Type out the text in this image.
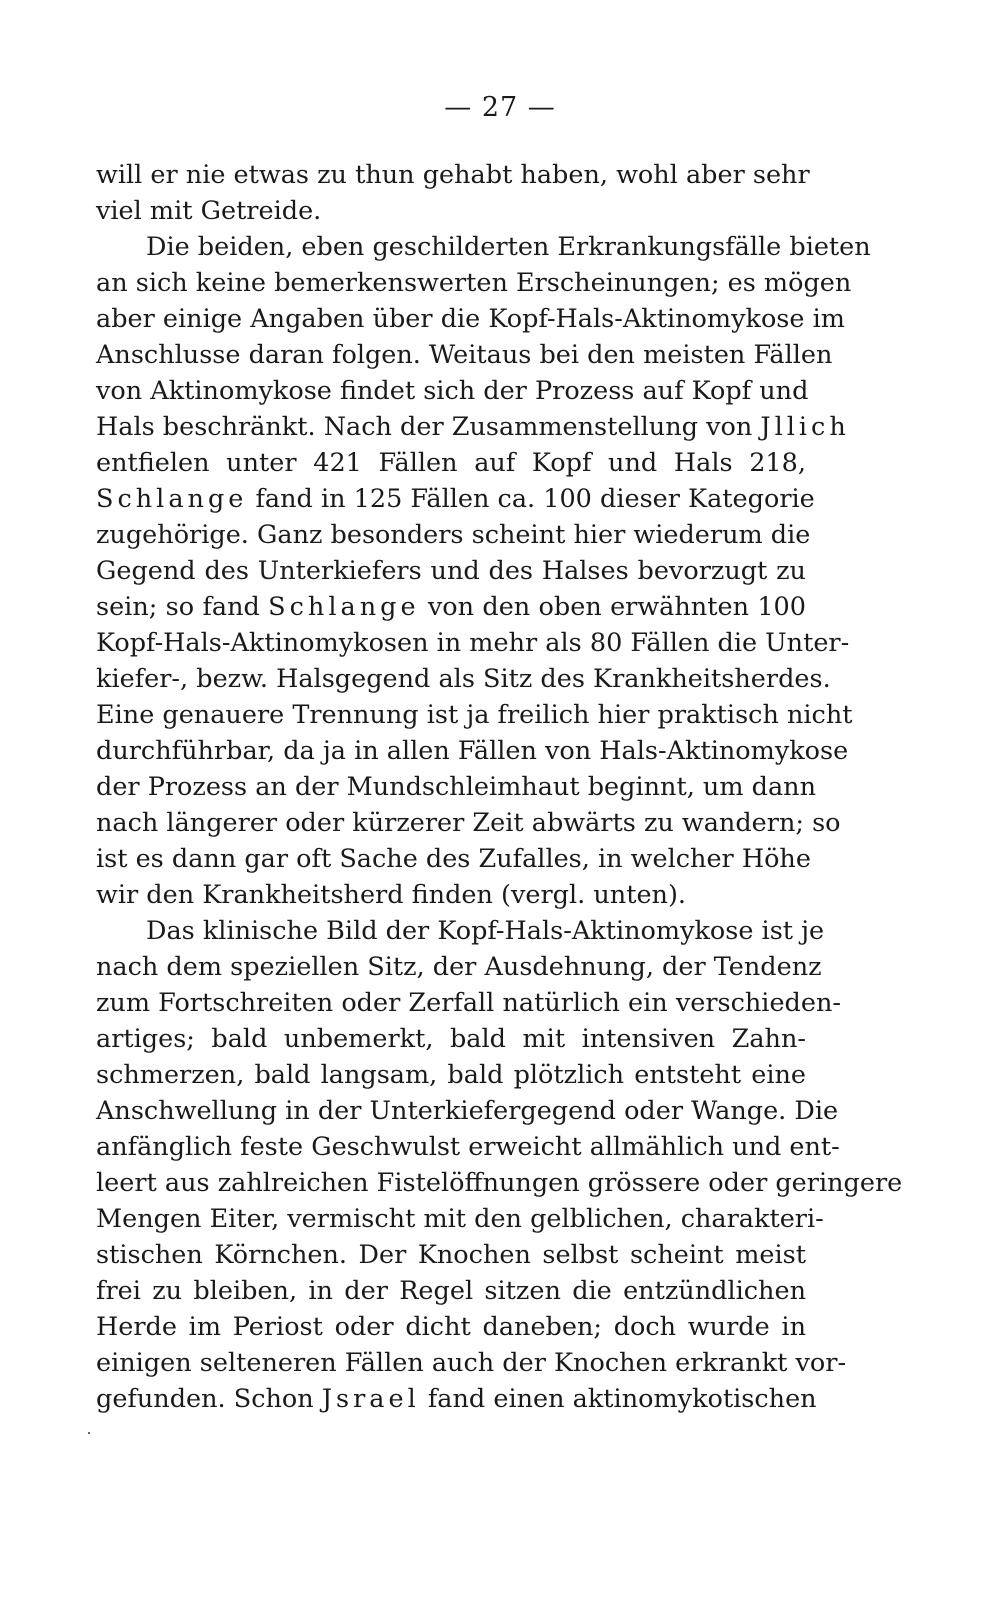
— 27 —
will er nie etwas zu thun gehabt haben, wohl aber sehr
viel mit Getreide.
Die beiden, eben geschilderten Erkrankungsfälle bieten
an sich keine bemerkenswerten Erscheinungen; es mögen
aber einige Angaben über die Kopf-Hals-Aktinomykose im
Anschlusse daran folgen. Weitaus bei den meisten Fällen
von Aktinomykose findet sich der Prozess auf Kopf und
Hals beschränkt. Nach der Zusammenstellung von Jllich
entfielen unter 421 Fällen auf Kopf und Hals 218,
Schlange fand in 125 Fällen ca. 100 dieser Kategorie
zugehörige. Ganz besonders scheint hier wiederum die
Gegend des Unterkiefers und des Halses bevorzugt zu
sein; so fand Schlange von den oben erwähnten 100
Kopf-Hals-Aktinomykosen in mehr als 80 Fällen die Unter-
kiefer-, bezw. Halsgegend als Sitz des Krankheitsherdes.
Eine genauere Trennung ist ja freilich hier praktisch nicht
durchführbar, da ja in allen Fällen von Hals-Aktinomykose
der Prozess an der Mundschleimhaut beginnt, um dann
nach längerer oder kürzerer Zeit abwärts zu wandern; so
ist es dann gar oft Sache des Zufalles, in welcher Höhe
wir den Krankheitsherd finden (vergl. unten).
Das klinische Bild der Kopf-Hals-Aktinomykose ist je
nach dem speziellen Sitz, der Ausdehnung, der Tendenz
zum Fortschreiten oder Zerfall natürlich ein verschieden-
artiges; bald unbemerkt, bald mit intensiven Zahn-
schmerzen, bald langsam, bald plötzlich entsteht eine
Anschwellung in der Unterkiefergegend oder Wange. Die
anfänglich feste Geschwulst erweicht allmählich und ent-
leert aus zahlreichen Fistelöffnungen grössere oder geringere
Mengen Eiter, vermischt mit den gelblichen, charakteri-
stischen Körnchen. Der Knochen selbst scheint meist
frei zu bleiben, in der Regel sitzen die entzündlichen
Herde im Periost oder dicht daneben; doch wurde in
einigen selteneren Fällen auch der Knochen erkrankt vor-
gefunden. Schon Jsrael fand einen aktinomykotischen
